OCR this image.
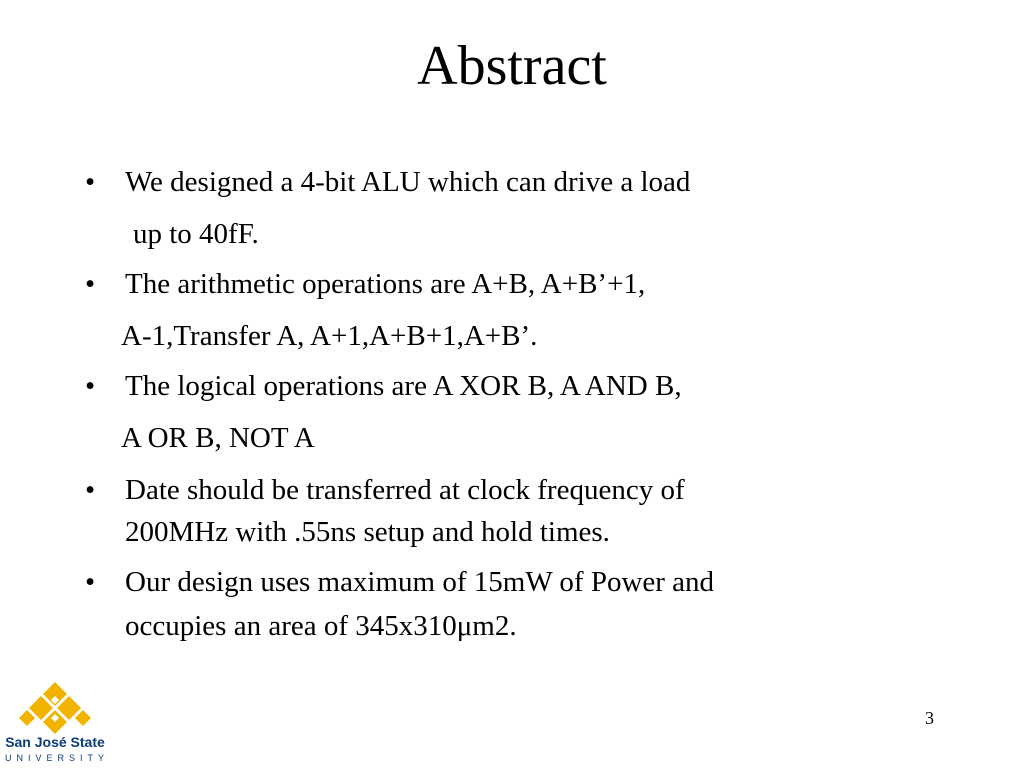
Abstract
•	We designed a 4-bit ALU which can drive a load
up to 40fF.
•	The arithmetic operations are A+B, A+B’+1,
A-1,Transfer A, A+1,A+B+1,A+B’.
•	The logical operations are A XOR B, A AND B,
A OR B, NOT A
•	Date should be transferred at clock frequency of
200MHz with .55ns setup and hold times.
•	Our design uses maximum of 15mW of Power and
occupies an area of 345x310μm2.
3
San José State
UNIVERSITY
